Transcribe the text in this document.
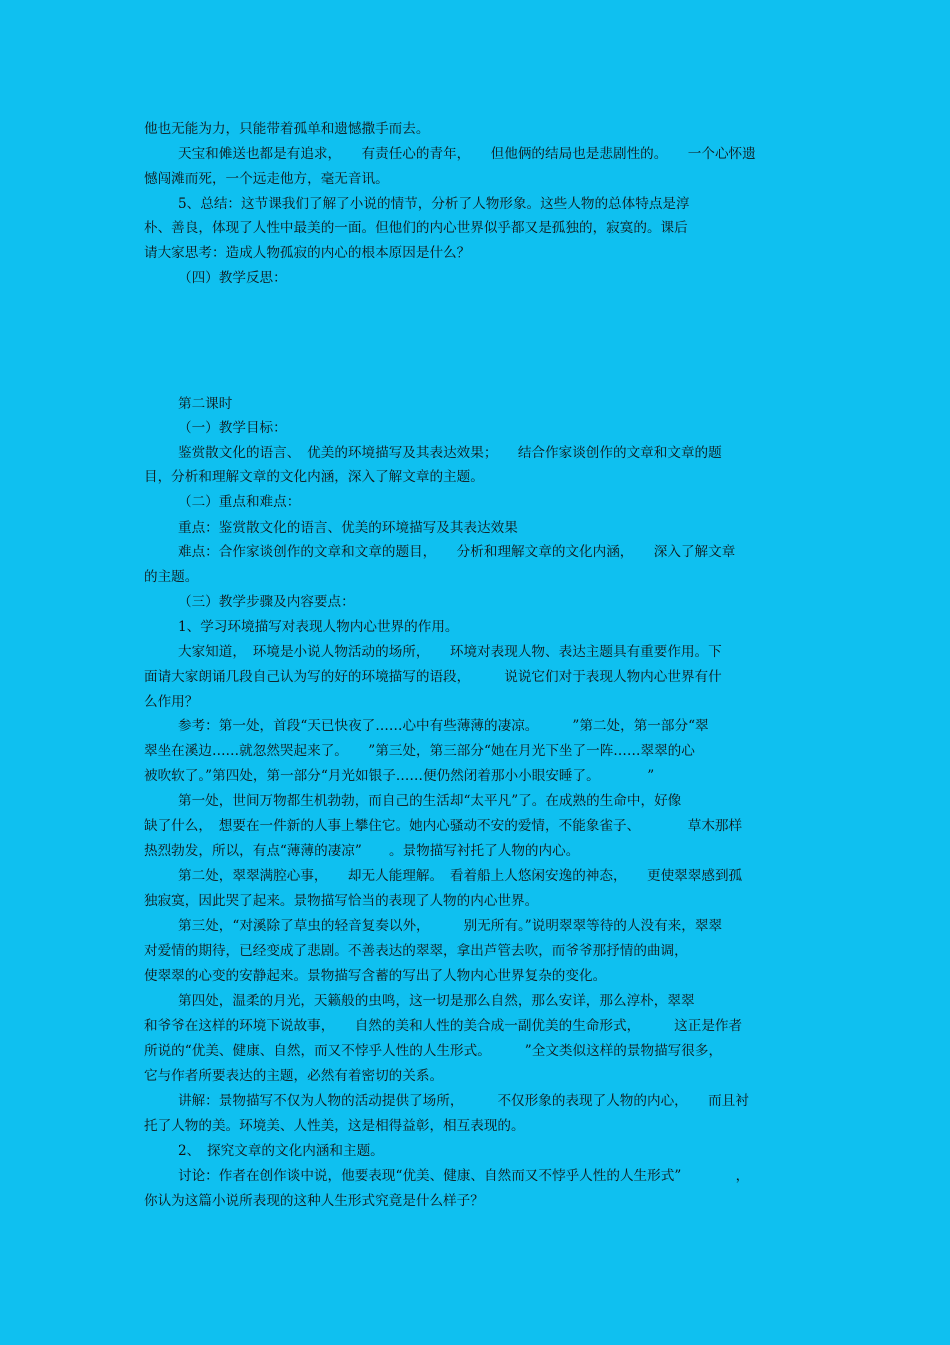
他也无能为力，只能带着孤单和遗憾撒手而去。
天宝和傩送也都是有追求，　　有责任心的青年，　　但他俩的结局也是悲剧性的。　　一个心怀遗
憾闯滩而死，一个远走他方，毫无音讯。
5、总结：这节课我们了解了小说的情节，分析了人物形象。这些人物的总体特点是淳
朴、善良，体现了人性中最美的一面。但他们的内心世界似乎都又是孤独的，寂寞的。课后
请大家思考：造成人物孤寂的内心的根本原因是什么？
（四）教学反思：
第二课时
（一）教学目标：
鉴赏散文化的语言、　优美的环境描写及其表达效果；　　结合作家谈创作的文章和文章的题
目，分析和理解文章的文化内涵，深入了解文章的主题。
（二）重点和难点：
重点：鉴赏散文化的语言、优美的环境描写及其表达效果
难点：合作家谈创作的文章和文章的题目，　　分析和理解文章的文化内涵，　　深入了解文章
的主题。
（三）教学步骤及内容要点：
1、学习环境描写对表现人物内心世界的作用。
大家知道，　环境是小说人物活动的场所，　　环境对表现人物、表达主题具有重要作用。下
面请大家朗诵几段自己认为写的好的环境描写的语段，　　　说说它们对于表现人物内心世界有什
么作用？
参考：第一处，首段“天已快夜了……心中有些薄薄的凄凉。　　　”第二处，第一部分“翠
翠坐在溪边……就忽然哭起来了。　　”第三处，第三部分“她在月光下坐了一阵……翠翠的心
被吹软了。”第四处，第一部分“月光如银子……便仍然闭着那小小眼安睡了。　　　　”
第一处，世间万物都生机勃勃，而自己的生活却“太平凡”了。在成熟的生命中，好像
缺了什么，　想要在一件新的人事上攀住它。她内心骚动不安的爱情，不能象雀子、　　　　草木那样
热烈勃发，所以，有点“薄薄的凄凉”　　。景物描写衬托了人物的内心。
第二处，翠翠满腔心事，　　却无人能理解。　看着船上人悠闲安逸的神态，　　更使翠翠感到孤
独寂寞，因此哭了起来。景物描写恰当的表现了人物的内心世界。
第三处，“对溪除了草虫的轻音复奏以外，　　　别无所有。”说明翠翠等待的人没有来，翠翠
对爱情的期待，已经变成了悲剧。不善表达的翠翠，拿出芦管去吹，而爷爷那抒情的曲调，
使翠翠的心变的安静起来。景物描写含蓄的写出了人物内心世界复杂的变化。
第四处，温柔的月光，天籁般的虫鸣，这一切是那么自然，那么安详，那么淳朴，翠翠
和爷爷在这样的环境下说故事，　　自然的美和人性的美合成一副优美的生命形式，　　　这正是作者
所说的“优美、健康、自然，而又不悖乎人性的人生形式。　　　”全文类似这样的景物描写很多，
它与作者所要表达的主题，必然有着密切的关系。
讲解：景物描写不仅为人物的活动提供了场所，　　　不仅形象的表现了人物的内心，　　而且衬
托了人物的美。环境美、人性美，这是相得益彰，相互表现的。
2、　探究文章的文化内涵和主题。
讨论：作者在创作谈中说，他要表现“优美、健康、自然而又不悖乎人性的人生形式”　　　　，
你认为这篇小说所表现的这种人生形式究竟是什么样子？
